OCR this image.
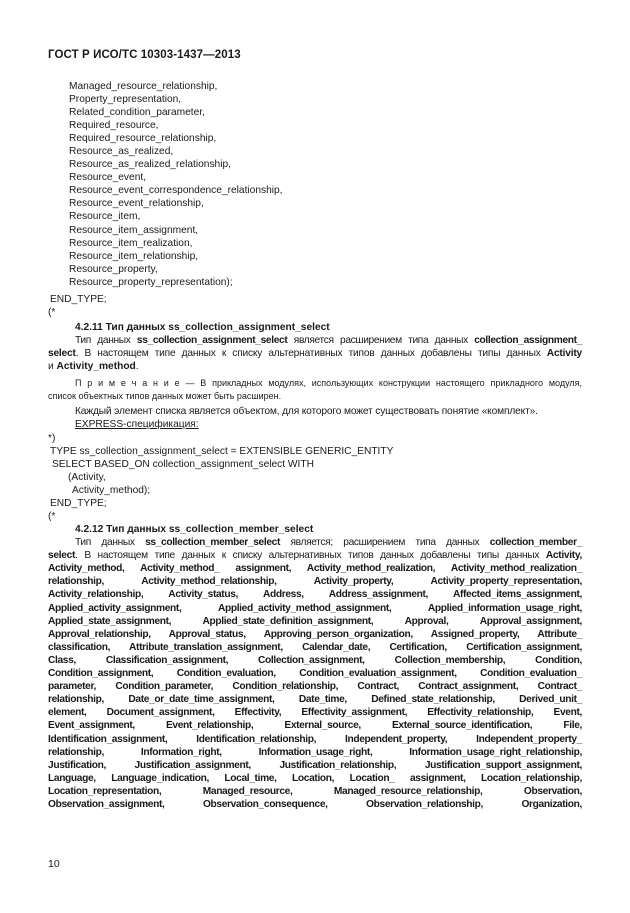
ГОСТ Р ИСО/ТС 10303-1437—2013
Managed_resource_relationship,
Property_representation,
Related_condition_parameter,
Required_resource,
Required_resource_relationship,
Resource_as_realized,
Resource_as_realized_relationship,
Resource_event,
Resource_event_correspondence_relationship,
Resource_event_relationship,
Resource_item,
Resource_item_assignment,
Resource_item_realization,
Resource_item_relationship,
Resource_property,
Resource_property_representation);
END_TYPE;
(*
4.2.11 Тип данных ss_collection_assignment_select
Тип данных ss_collection_assignment_select является расширением типа данных collection_assignment_
select. В настоящем типе данных к списку альтернативных типов данных добавлены типы данных Activity
и Activity_method.
П р и м е ч а н и е — В прикладных модулях, использующих конструкции настоящего прикладного модуля,
список объектных типов данных может быть расширен.
Каждый элемент списка является объектом, для которого может существовать понятие «комплект».
EXPRESS-спецификация:
*)
TYPE ss_collection_assignment_select = EXTENSIBLE GENERIC_ENTITY
SELECT BASED_ON collection_assignment_select WITH
(Activity,
Activity_method);
END_TYPE;
(*
4.2.12 Тип данных ss_collection_member_select
Тип данных ss_collection_member_select является; расширением типа данных collection_member_
select. В настоящем типе данных к списку альтернативных типов данных добавлены типы данных Activity,
Activity_method, Activity_method_ assignment, Activity_method_realization, Activity_method_realization_
relationship, Activity_method_relationship, Activity_property, Activity_property_representation,
Activity_relationship, Activity_status, Address, Address_assignment, Affected_items_assignment,
Applied_activity_assignment, Applied_activity_method_assignment, Applied_information_usage_right,
Applied_state_assignment, Applied_state_definition_assignment, Approval, Approval_assignment,
Approval_relationship, Approval_status, Approving_person_organization, Assigned_property, Attribute_
classification, Attribute_translation_assignment, Calendar_date, Certification, Certification_assignment,
Class, Classification_assignment, Collection_assignment, Collection_membership, Condition,
Condition_assignment, Condition_evaluation, Condition_evaluation_assignment, Condition_evaluation_
parameter, Condition_parameter, Condition_relationship, Contract, Contract_assignment, Contract_
relationship, Date_or_date_time_assignment, Date_time, Defined_state_relationship, Derived_unit_
element, Document_assignment, Effectivity, Effectivity_assignment, Effectivity_relationship, Event,
Event_assignment, Event_relationship, External_source, External_source_identification, File,
Identification_assignment, Identification_relationship, Independent_property, Independent_property_
relationship, Information_right, Information_usage_right, Information_usage_right_relationship,
Justification, Justification_assignment, Justification_relationship, Justification_support_assignment,
Language, Language_indication, Local_time, Location, Location_ assignment, Location_relationship,
Location_representation, Managed_resource, Managed_resource_relationship, Observation,
Observation_assignment, Observation_consequence, Observation_relationship, Organization,
10
